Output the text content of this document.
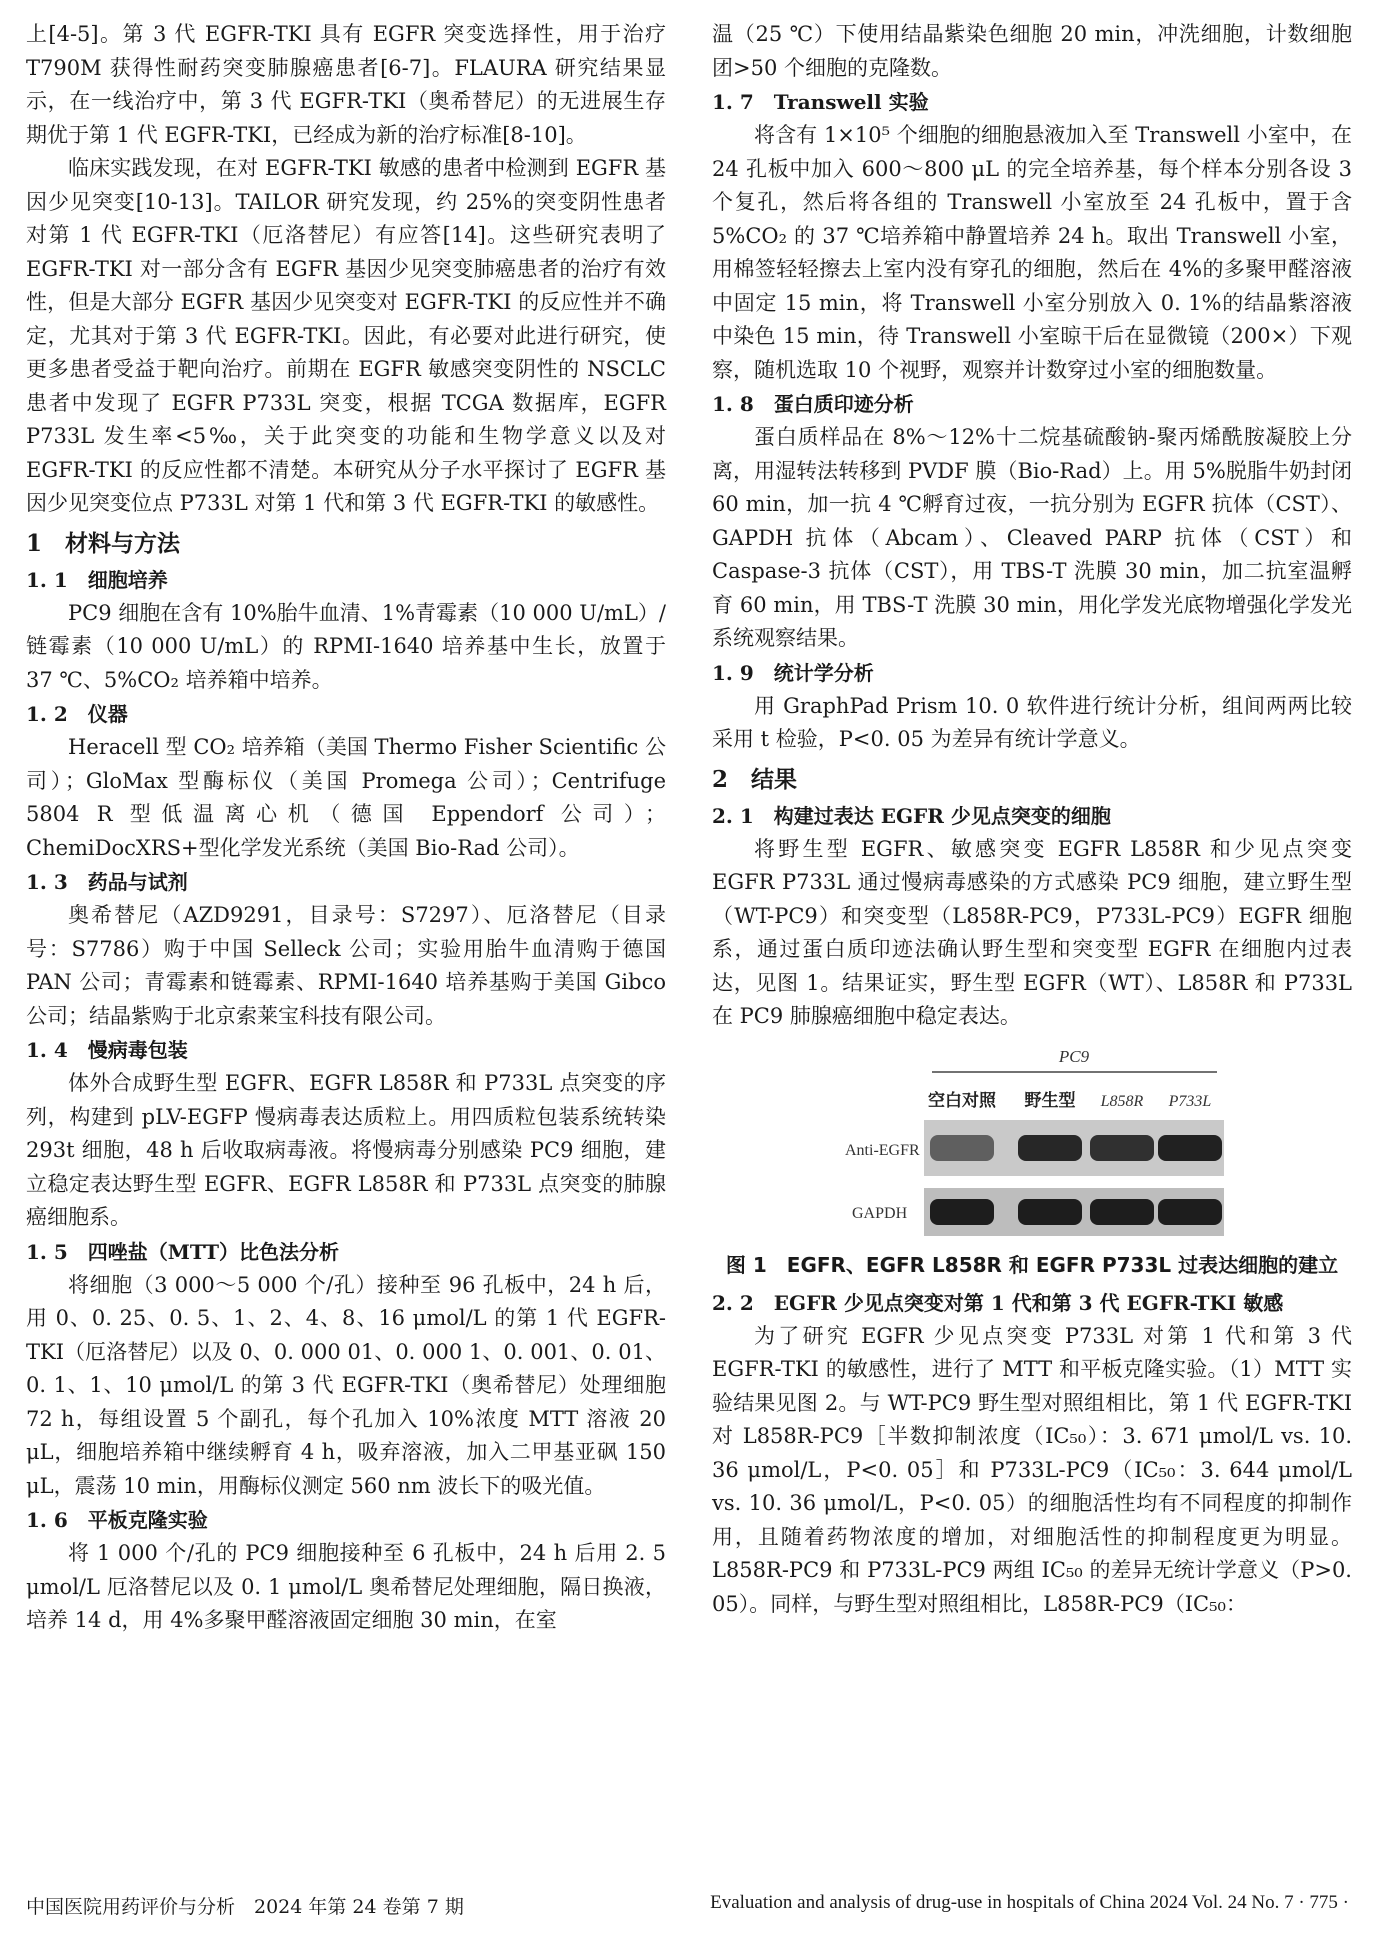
上[4-5]。第 3 代 EGFR-TKI 具有 EGFR 突变选择性，用于治疗 T790M 获得性耐药突变肺腺癌患者[6-7]。FLAURA 研究结果显示，在一线治疗中，第 3 代 EGFR-TKI（奥希替尼）的无进展生存期优于第 1 代 EGFR-TKI，已经成为新的治疗标准[8-10]。

临床实践发现，在对 EGFR-TKI 敏感的患者中检测到 EGFR 基因少见突变[10-13]。TAILOR 研究发现，约 25%的突变阴性患者对第 1 代 EGFR-TKI（厄洛替尼）有应答[14]。这些研究表明了 EGFR-TKI 对一部分含有 EGFR 基因少见突变肺癌患者的治疗有效性，但是大部分 EGFR 基因少见突变对 EGFR-TKI 的反应性并不确定，尤其对于第 3 代 EGFR-TKI。因此，有必要对此进行研究，使更多患者受益于靶向治疗。前期在 EGFR 敏感突变阴性的 NSCLC 患者中发现了 EGFR P733L 突变，根据 TCGA 数据库，EGFR P733L 发生率<5‰，关于此突变的功能和生物学意义以及对 EGFR-TKI 的反应性都不清楚。本研究从分子水平探讨了 EGFR 基因少见突变位点 P733L 对第 1 代和第 3 代 EGFR-TKI 的敏感性。

1　材料与方法
1. 1　细胞培养

PC9 细胞在含有 10%胎牛血清、1%青霉素（10 000 U/mL）/链霉素（10 000 U/mL）的 RPMI-1640 培养基中生长，放置于 37 ℃、5%CO₂ 培养箱中培养。

1. 2　仪器

Heracell 型 CO₂ 培养箱（美国 Thermo Fisher Scientific 公司）；GloMax 型酶标仪（美国 Promega 公司）；Centrifuge 5804 R 型低温离心机（德国 Eppendorf 公司）；ChemiDocXRS+型化学发光系统（美国 Bio-Rad 公司）。

1. 3　药品与试剂

奥希替尼（AZD9291，目录号：S7297）、厄洛替尼（目录号：S7786）购于中国 Selleck 公司；实验用胎牛血清购于德国 PAN 公司；青霉素和链霉素、RPMI-1640 培养基购于美国 Gibco 公司；结晶紫购于北京索莱宝科技有限公司。

1. 4　慢病毒包装

体外合成野生型 EGFR、EGFR L858R 和 P733L 点突变的序列，构建到 pLV-EGFP 慢病毒表达质粒上。用四质粒包装系统转染 293t 细胞，48 h 后收取病毒液。将慢病毒分别感染 PC9 细胞，建立稳定表达野生型 EGFR、EGFR L858R 和 P733L 点突变的肺腺癌细胞系。

1. 5　四唑盐（MTT）比色法分析

将细胞（3 000～5 000 个/孔）接种至 96 孔板中，24 h 后，用 0、0. 25、0. 5、1、2、4、8、16 μmol/L 的第 1 代 EGFR-TKI（厄洛替尼）以及 0、0. 000 01、0. 000 1、0. 001、0. 01、0. 1、1、10 μmol/L 的第 3 代 EGFR-TKI（奥希替尼）处理细胞 72 h，每组设置 5 个副孔，每个孔加入 10%浓度 MTT 溶液 20 μL，细胞培养箱中继续孵育 4 h，吸弃溶液，加入二甲基亚砜 150 μL，震荡 10 min，用酶标仪测定 560 nm 波长下的吸光值。

1. 6　平板克隆实验

将 1 000 个/孔的 PC9 细胞接种至 6 孔板中，24 h 后用 2. 5 μmol/L 厄洛替尼以及 0. 1 μmol/L 奥希替尼处理细胞，隔日换液，培养 14 d，用 4%多聚甲醛溶液固定细胞 30 min，在室

温（25 ℃）下使用结晶紫染色细胞 20 min，冲洗细胞，计数细胞团>50 个细胞的克隆数。

1. 7　Transwell 实验

将含有 1×10⁵ 个细胞的细胞悬液加入至 Transwell 小室中，在 24 孔板中加入 600～800 μL 的完全培养基，每个样本分别各设 3 个复孔，然后将各组的 Transwell 小室放至 24 孔板中，置于含 5%CO₂ 的 37 ℃培养箱中静置培养 24 h。取出 Transwell 小室，用棉签轻轻擦去上室内没有穿孔的细胞，然后在 4%的多聚甲醛溶液中固定 15 min，将 Transwell 小室分别放入 0. 1%的结晶紫溶液中染色 15 min，待 Transwell 小室晾干后在显微镜（200×）下观察，随机选取 10 个视野，观察并计数穿过小室的细胞数量。

1. 8　蛋白质印迹分析

蛋白质样品在 8%～12%十二烷基硫酸钠-聚丙烯酰胺凝胶上分离，用湿转法转移到 PVDF 膜（Bio-Rad）上。用 5%脱脂牛奶封闭 60 min，加一抗 4 ℃孵育过夜，一抗分别为 EGFR 抗体（CST）、GAPDH 抗体（Abcam）、Cleaved PARP 抗体（CST）和 Caspase-3 抗体（CST），用 TBS-T 洗膜 30 min，加二抗室温孵育 60 min，用 TBS-T 洗膜 30 min，用化学发光底物增强化学发光系统观察结果。

1. 9　统计学分析

用 GraphPad Prism 10. 0 软件进行统计分析，组间两两比较采用 t 检验，P<0. 05 为差异有统计学意义。

2　结果
2. 1　构建过表达 EGFR 少见点突变的细胞

将野生型 EGFR、敏感突变 EGFR L858R 和少见点突变 EGFR P733L 通过慢病毒感染的方式感染 PC9 细胞，建立野生型（WT-PC9）和突变型（L858R-PC9，P733L-PC9）EGFR 细胞系，通过蛋白质印迹法确认野生型和突变型 EGFR 在细胞内过表达，见图 1。结果证实，野生型 EGFR（WT）、L858R 和 P733L 在 PC9 肺腺癌细胞中稳定表达。

PC9
空白对照 野生型 L858R P733L
Anti-EGFR
GAPDH
图 1　EGFR、EGFR L858R 和 EGFR P733L 过表达细胞的建立
2. 2　EGFR 少见点突变对第 1 代和第 3 代 EGFR-TKI 敏感

为了研究 EGFR 少见点突变 P733L 对第 1 代和第 3 代 EGFR-TKI 的敏感性，进行了 MTT 和平板克隆实验。（1）MTT 实验结果见图 2。与 WT-PC9 野生型对照组相比，第 1 代 EGFR-TKI 对 L858R-PC9［半数抑制浓度（IC₅₀）：3. 671 μmol/L vs. 10. 36 μmol/L，P<0. 05］和 P733L-PC9（IC₅₀：3. 644 μmol/L vs. 10. 36 μmol/L，P<0. 05）的细胞活性均有不同程度的抑制作用，且随着药物浓度的增加，对细胞活性的抑制程度更为明显。L858R-PC9 和 P733L-PC9 两组 IC₅₀ 的差异无统计学意义（P>0. 05）。同样，与野生型对照组相比，L858R-PC9（IC₅₀：

中国医院用药评价与分析　2024 年第 24 卷第 7 期	Evaluation and analysis of drug-use in hospitals of China 2024 Vol. 24 No. 7 · 775 ·
